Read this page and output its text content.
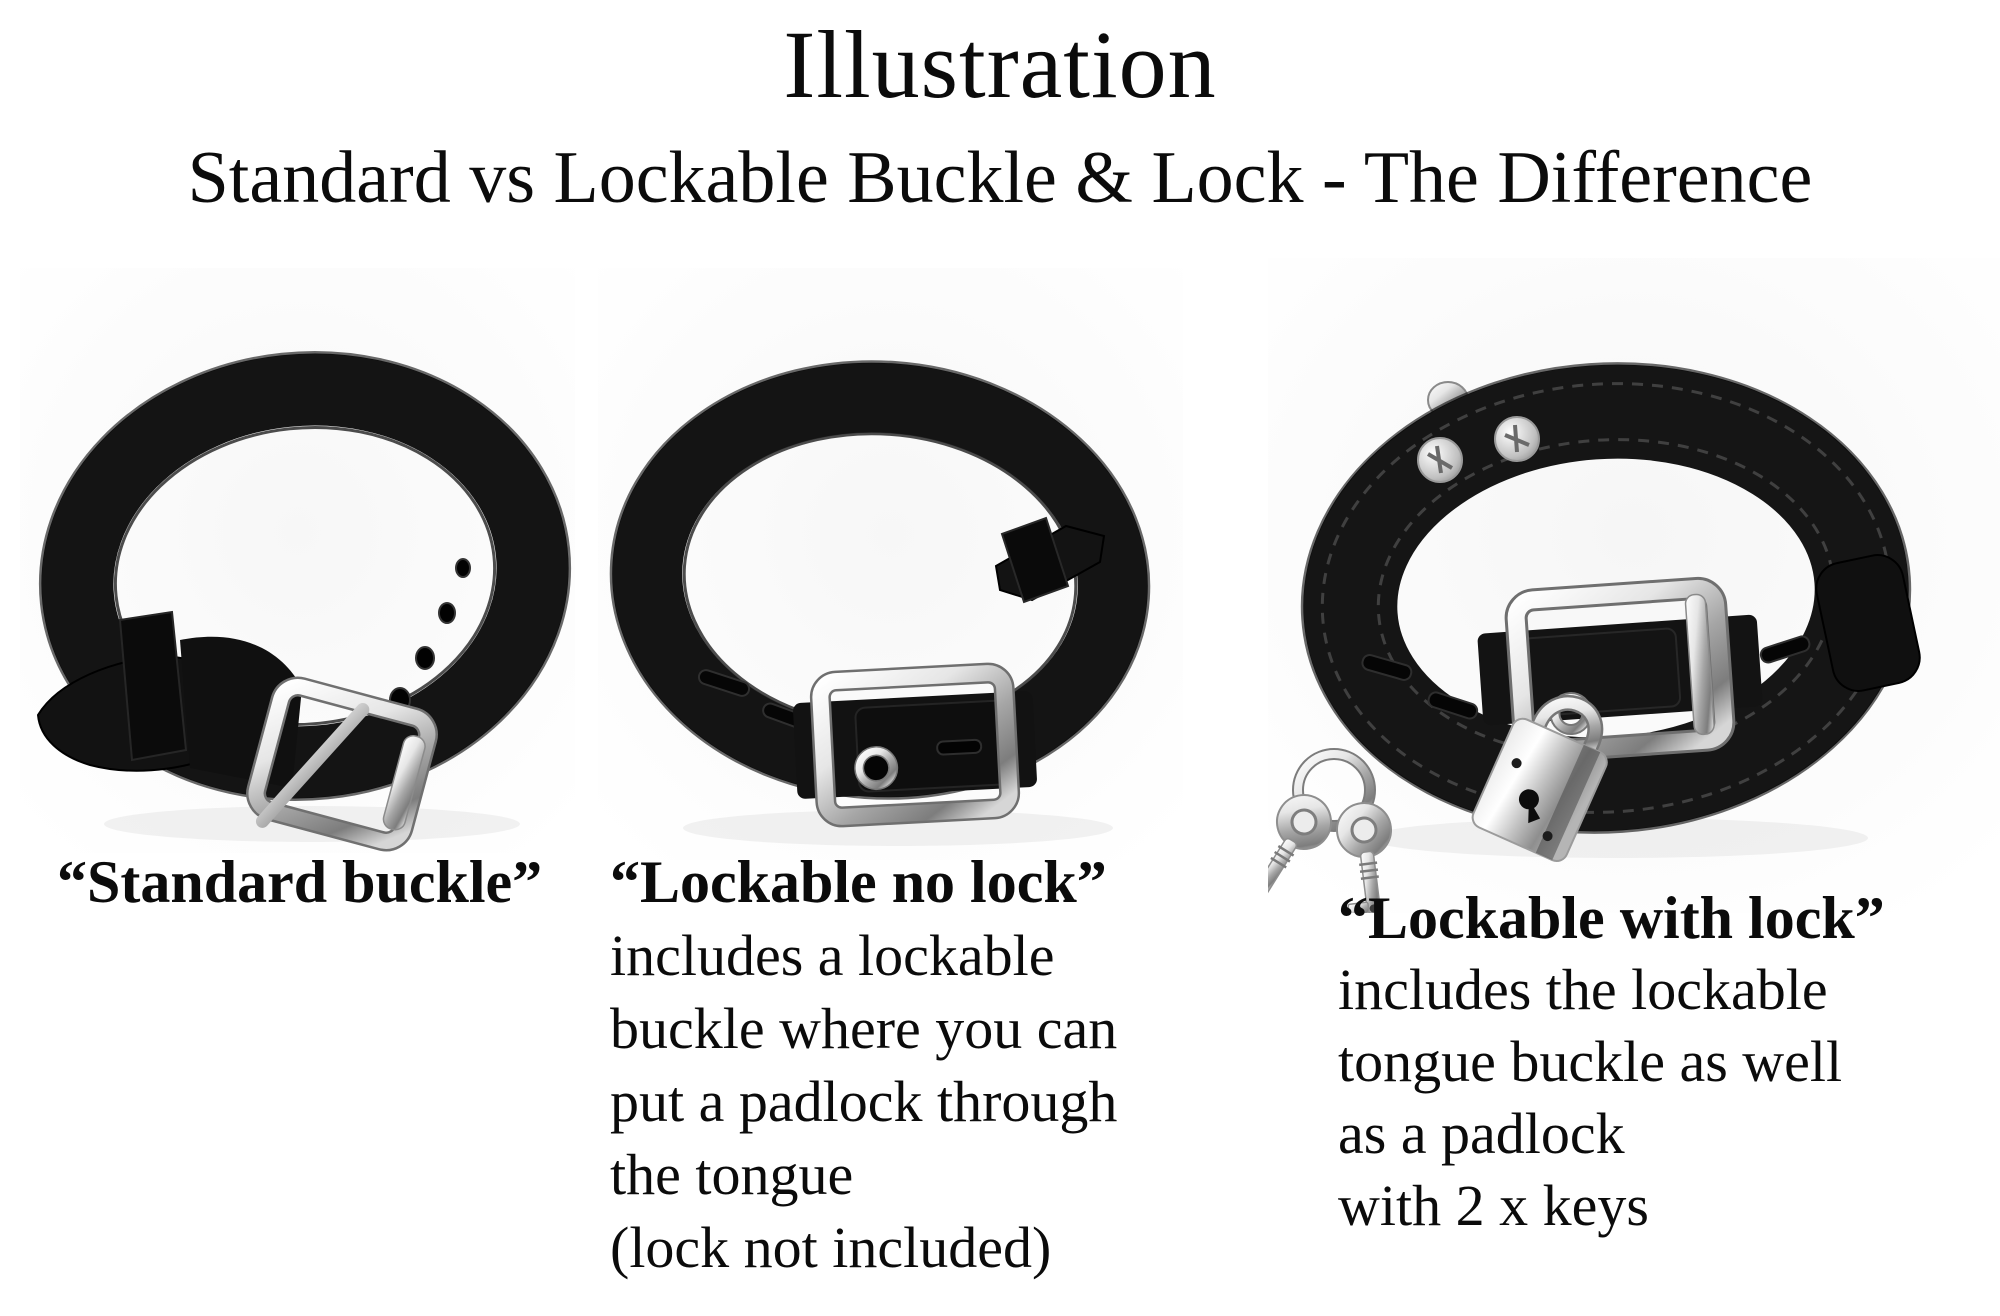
Illustration
Standard vs Lockable Buckle & Lock - The Difference
“Standard buckle” “Lockable no lock”
includes a lockable
buckle where you can
put a padlock through
the tongue
(lock not included)
“Lockable with lock”
includes the lockable
tongue buckle as well
as a padlock
with 2 x keys
